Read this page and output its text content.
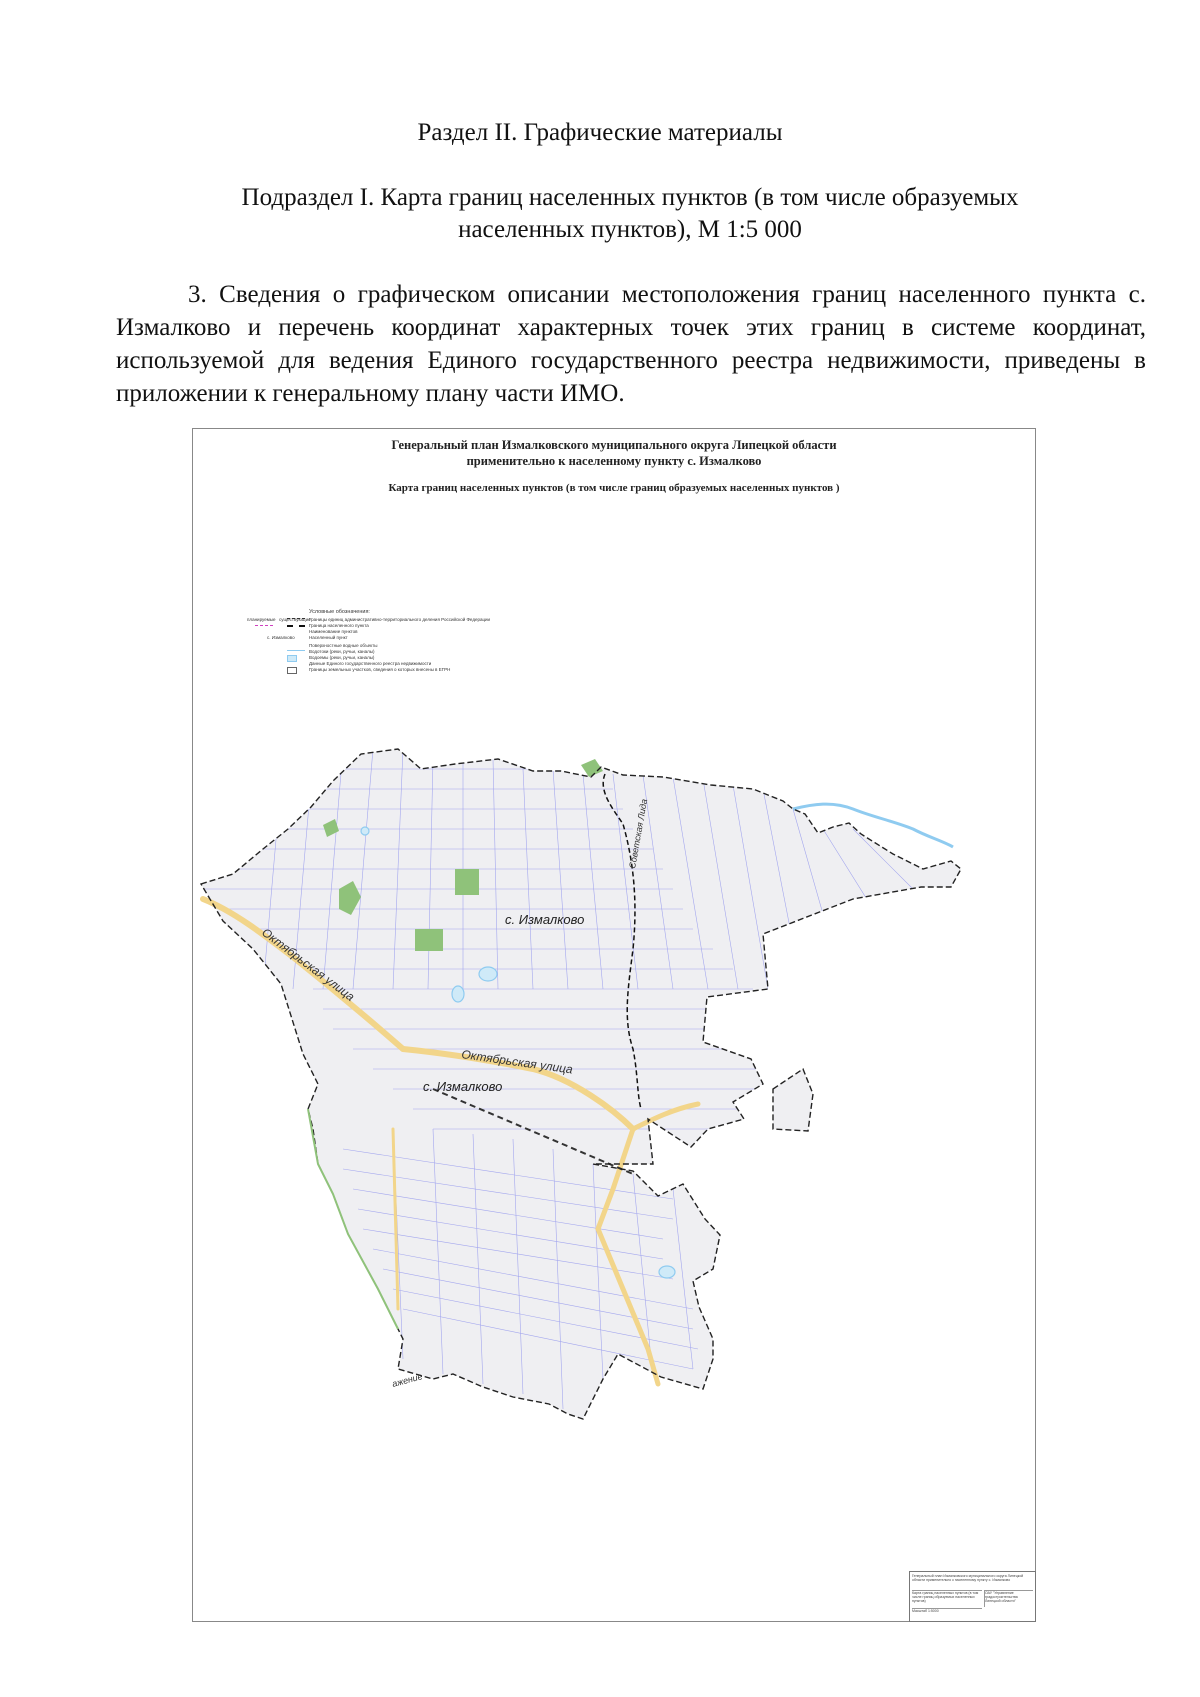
Раздел II. Графические материалы
Подраздел I. Карта границ населенных пунктов (в том числе образуемых населенных пунктов), М 1:5 000
3. Сведения о графическом описании местоположения границ населенного пункта с. Измалково и перечень координат характерных точек этих границ в системе координат, используемой для ведения Единого государственного реестра недвижимости, приведены в приложении к генеральному плану части ИМО.
Генеральный план Измалковского муниципального округа Липецкой области
применительно к населенному пункту с. Измалково
Карта границ населенных пунктов (в том числе границ образуемых населенных пунктов )
Условные обозначения:
планируемые существующие
Границы единиц административно-территориального деления Российской Федерации
Граница населенного пункта
Наименование пунктов
с. Измалково	Населенный пункт
Поверхностные водные объекты
Водотоки (реки, ручьи, каналы)
Водоемы (реки, ручьи, каналы)
Данные Единого государственного реестра недвижимости
Границы земельных участков, сведения о которых внесены в ЕГРН
с. Измалково
с. Измалково
Октябрьская улица
Октябрьская улица
Советская Лида
ажение
Генеральный план Измалковского муниципального округа Липецкой области применительно к населенному пункту с. Измалково
Карта границ населенных пунктов (в том числе границ образуемых населенных пунктов)
ОАУ "Управление градостроительства Липецкой области"
Масштаб 1:5000
